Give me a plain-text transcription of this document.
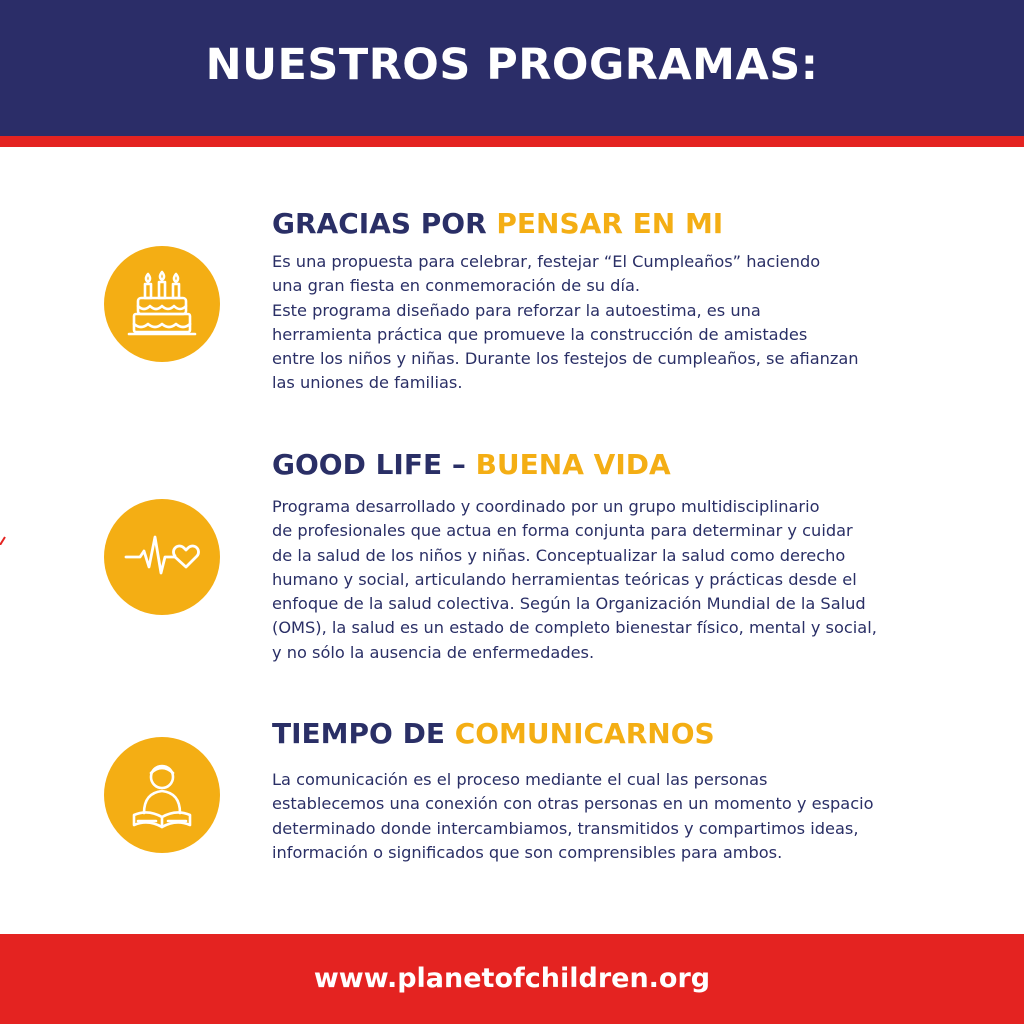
NUESTROS PROGRAMAS:
GRACIAS POR PENSAR EN MI

Es una propuesta para celebrar, festejar “El Cumpleaños” haciendo
una gran fiesta en conmemoración de su día.
Este programa diseñado para reforzar la autoestima, es una
herramienta práctica que promueve la construcción de amistades
entre los niños y niñas. Durante los festejos de cumpleaños, se afianzan
las uniones de familias.

GOOD LIFE – BUENA VIDA

Programa desarrollado y coordinado por un grupo multidisciplinario
de profesionales que actua en forma conjunta para determinar y cuidar
de la salud de los niños y niñas. Conceptualizar la salud como derecho
humano y social, articulando herramientas teóricas y prácticas desde el
enfoque de la salud colectiva. Según la Organización Mundial de la Salud
(OMS), la salud es un estado de completo bienestar físico, mental y social,
y no sólo la ausencia de enfermedades.

TIEMPO DE COMUNICARNOS

La comunicación es el proceso mediante el cual las personas
establecemos una conexión con otras personas en un momento y espacio
determinado donde intercambiamos, transmitidos y compartimos ideas,
información o significados que son comprensibles para ambos.

www.planetofchildren.org
